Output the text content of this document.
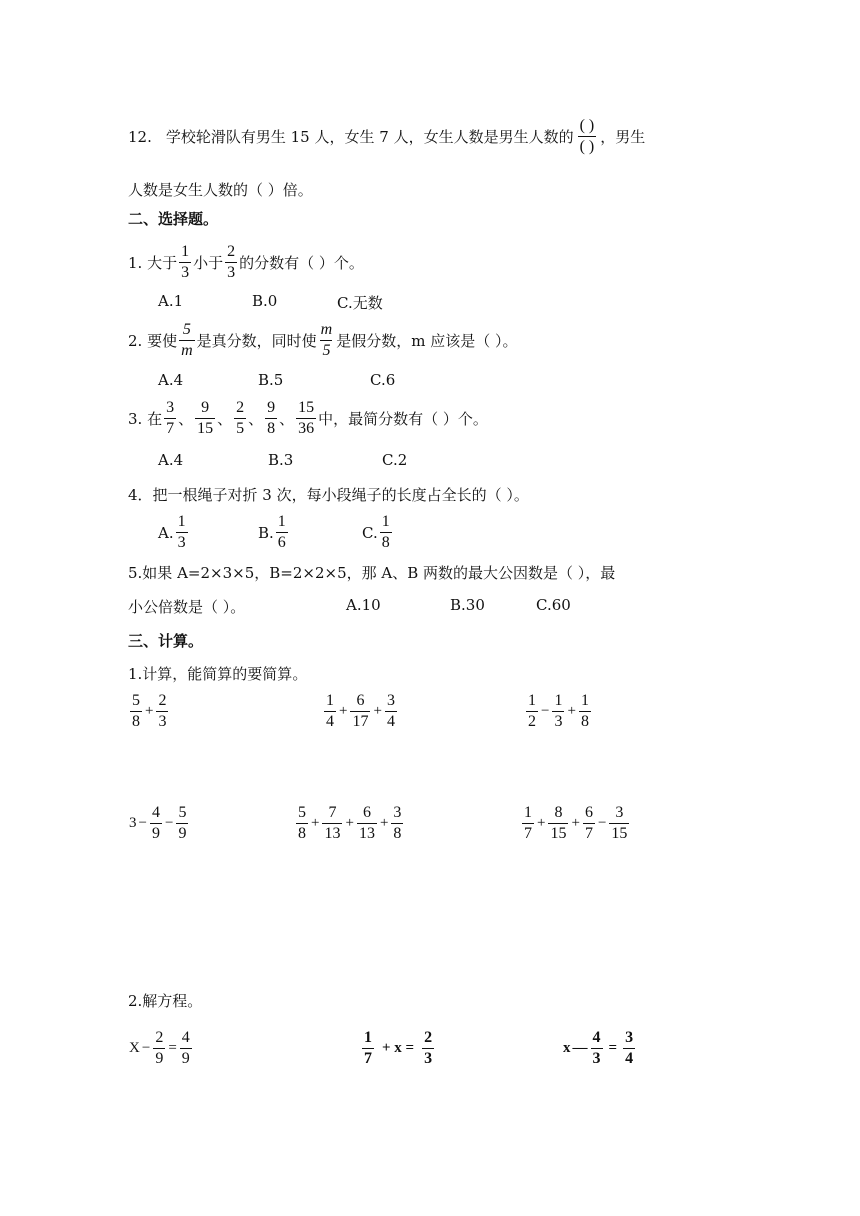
12. 学校轮滑队有男生 15 人，女生 7 人，女生人数是男生人数的 $\frac{( )}{( )}$ ，男生
人数是女生人数的（ ）倍。
二、选择题。
1. 大于 $\frac{1}{3}$ 小于 $\frac{2}{3}$ 的分数有（ ）个。
A.1	B.0	C.无数
2. 要使 $\frac{5}{m}$ 是真分数，同时使 $\frac{m}{5}$ 是假分数，m 应该是（ ）。
A.4	B.5	C.6
3. 在 $\frac{3}{7}$ 、 $\frac{9}{15}$ 、 $\frac{2}{5}$ 、 $\frac{9}{8}$ 、 $\frac{15}{36}$ 中，最简分数有（ ）个。
A.4	B.3	C.2
4．把一根绳子对折 3 次，每小段绳子的长度占全长的（ ）。
A. $\frac{1}{3}$	B. $\frac{1}{6}$	C. $\frac{1}{8}$
5.如果 A=2×3×5，B=2×2×5，那 A、B 两数的最大公因数是（ ），最
小公倍数是（ ）。	A.10	B.30	C.60
三、计算。
1.计算，能简算的要简算。
$\frac{5}{8} + \frac{2}{3}$	$\frac{1}{4} + \frac{6}{17} + \frac{3}{4}$	$\frac{1}{2} - \frac{1}{3} + \frac{1}{8}$
$3 - \frac{4}{9} - \frac{5}{9}$	$\frac{5}{8} + \frac{7}{13} + \frac{6}{13} + \frac{3}{8}$	$\frac{1}{7} + \frac{8}{15} + \frac{6}{7} - \frac{3}{15}$
2.解方程。
$X - \frac{2}{9} = \frac{4}{9}$	$\frac{1}{7} + x = \frac{2}{3}$	x — $\frac{4}{3} = \frac{3}{4}$
